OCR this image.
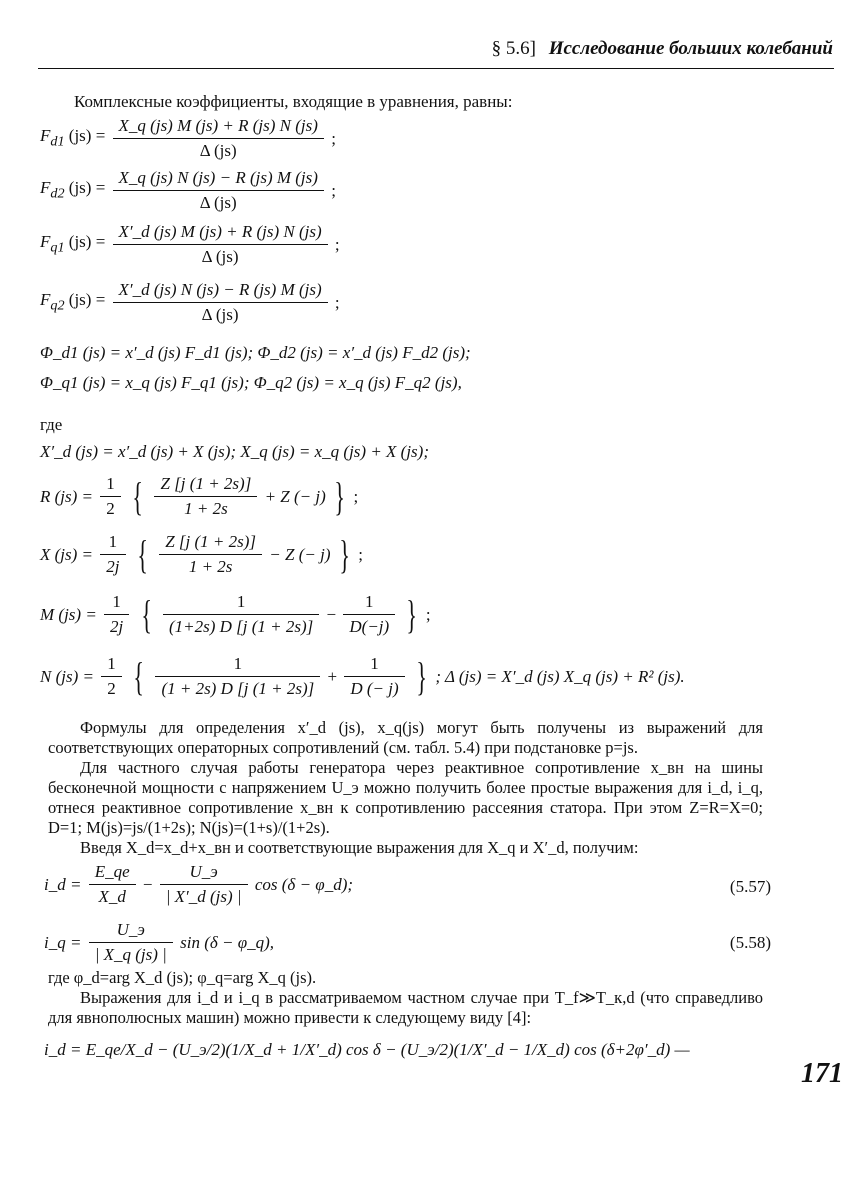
§ 5.6] Исследование больших колебаний
Комплексные коэффициенты, входящие в уравнения, равны:
$F_{d1}$ $(js) = \frac{X\_q (js) M (js) + R (js) N (js)}{\Delta (js)}$ ;
$F_{d2}$ $(js) = \frac{X\_q (js) N (js) - R (js) M (js)}{\Delta (js)}$ ;
$F_{q1}$ $(js) = \frac{X'\_d (js) M (js) + R (js) N (js)}{\Delta (js)}$ ;
$F_{q2}$ $(js) = \frac{X'\_d (js) N (js) - R (js) M (js)}{\Delta (js)}$ ;
Φ_d1 (js) = x′_d (js) F_d1 (js); Φ_d2 (js) = x′_d (js) F_d2 (js);
Φ_q1 (js) = x_q (js) F_q1 (js); Φ_q2 (js) = x_q (js) F_q2 (js),
где
X′_d (js) = x′_d (js) + X (js); X_q (js) = x_q (js) + X (js);
R $(js) = \frac{1}{2}$ { $\frac{Z [j (1 + 2s)]}{1 + 2s} + Z$ (− j) } ;
X $(js) = \frac{1}{2j}$ { $\frac{Z [j (1 + 2s)]}{1 + 2s} - Z$ (− j) } ;
M $(js) = \frac{1}{2j}$ { $\frac{1}{(1+2s) D [j (1 + 2s)]} - \frac{1}{D(-j)}$ } ;
N $(js) = \frac{1}{2}$ { $\frac{1}{(1 + 2s) D [j (1 + 2s)]} + \frac{1}{D (- j)}$ } ; Δ (js) = X′_d (js) X_q (js) + R² (js).
Формулы для определения x′_d (js), x_q(js) могут быть получены из выражений для соответствующих операторных сопротивлений (см. табл. 5.4) при подстановке p=js.
Для частного случая работы генератора через реактивное сопротивление x_вн на шины бесконечной мощности с напряжением U_э можно получить более простые выражения для i_d, i_q, отнеся реактивное сопротивление x_вн к сопротивлению рассеяния статора. При этом Z=R=X=0; D=1; M(js)=js/(1+2s); N(js)=(1+s)/(1+2s).
Введя X_d=x_d+x_вн и соответствующие выражения для X_q и X′_d, получим:
i_d = $\frac{E\_qe}{X\_d} - \frac{U\_э}{| X'\_d (js) |}$ cos (δ − φ_d);	(5.57)
i_q = $\frac{U\_э}{| X\_q (js) |}$ sin (δ − φ_q),	(5.58)
где φ_d=arg X_d (js); φ_q=arg X_q (js).
Выражения для i_d и i_q в рассматриваемом частном случае при T_f≫T_к,d (что справедливо для явнополюсных машин) можно привести к следующему виду [4]:
i_d = E_qe/X_d − (U_э/2)(1/X_d + 1/X′_d) cos δ − (U_э/2)(1/X′_d − 1/X_d) cos (δ+2φ′_d) —
171
